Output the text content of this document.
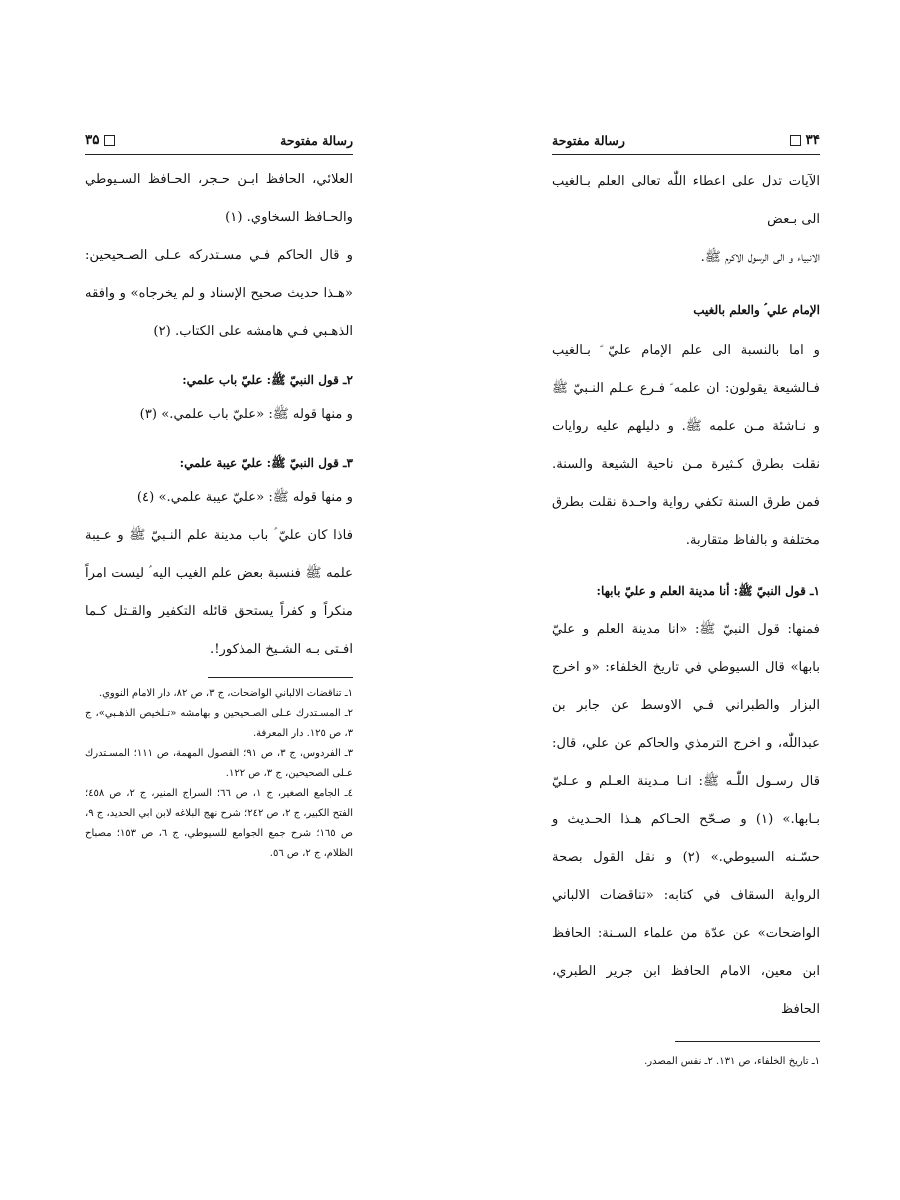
۳۴
رسالة مفتوحة

الآيات تدل على اعطاء اللّٰه تعالى العلم بـالغيب الى بـعض

الانبياء و الى الرسول الاكرم ﷺ.

الإمام علي ؑ والعلم بالغيب

و اما بالنسبة الى علم الإمام عليّ ؑ بـالغيب فـالشيعة يقولون: ان علمه ؑ فـرع عـلم النـبيّ ﷺ و نـاشئة مـن علمه ﷺ. و دليلهم عليه روايات نقلت بطرق كـثيرة مـن ناحية الشيعة والسنة. فمن طرق السنة تكفي رواية واحـدة نقلت بطرق مختلفة و بالفاظ متقاربة.

١ـ قول النبيّ ﷺ: أنا مدينة العلم و عليّ بابها:

فمنها: قول النبيّ ﷺ: «انا مدينة العلم و عليّ بابها» قال السيوطي في تاريخ الخلفاء: «و اخرج البزار والطبراني فـي الاوسط عن جابر بن عبداللّٰه، و اخرج الترمذي والحاكم عن علي، قال: قال رسـول اللّٰـه ﷺ: انـا مـدينة العـلم و عـليّ بـابها.» (١) و صـحّح الحـاكم هـذا الحـديث و حسّـنه السيوطي.» (٢) و نقل القول بصحة الرواية السقاف في كتابه: «تناقضات الالباني الواضحات» عن عدّة من علماء السـنة: الحافظ ابن معين، الامام الحافظ ابن جرير الطبري، الحافظ

١ـ تاريخ الخلفاء، ص ١٣١. ٢ـ نفس المصدر.

رسالة مفتوحة
۳۵

العلائي، الحافظ ابـن حـجر، الحـافظ السـيوطي والحـافظ السخاوي. (١)

و قال الحاكم فـي مسـتدركه عـلى الصـحيحين: «هـذا حديث صحيح الإسناد و لم يخرجاه» و وافقه الذهـبي فـي هامشه على الكتاب. (٢)

٢ـ قول النبيّ ﷺ: عليّ باب علمي:

و منها قوله ﷺ: «عليّ باب علمي.» (٣)

٣ـ قول النبيّ ﷺ: عليّ عيبة علمي:

و منها قوله ﷺ: «عليّ عيبة علمي.» (٤)

فاذا كان عليّ ؑ باب مدينة علم النـبيّ ﷺ و عـيبة علمه ﷺ فنسبة بعض علم الغيب اليه ؑ ليست امراً منكراً و كفراً يستحق قائله التكفير والقـتل كـما افـتى بـه الشـيخ المذكور!.

١ـ تناقضات الالباني الواضحات، ج ٣، ص ٨٢، دار الامام النووي.

٢ـ المسـتدرك عـلى الصـحيحين و بهامشه «تـلخيص الذهـبي»، ج ٣، ص ١٢٥. دار المعرفة.

٣ـ الفردوس، ج ٣، ص ٩١؛ الفصول المهمة، ص ١١١؛ المسـتدرك عـلى الصحيحين، ج ٣، ص ١٢٢.

٤ـ الجامع الصغير، ج ١، ص ٦٦؛ السراج المنير، ج ٢، ص ٤٥٨؛ الفتح الكبير، ج ٢، ص ٢٤٢؛ شرح نهج البلاغه لابن ابي الحديد، ج ٩، ص ١٦٥؛ شرح جمع الجوامع للسيوطي، ج ٦، ص ١٥٣؛ مصباح الظلام، ج ٢، ص ٥٦.
